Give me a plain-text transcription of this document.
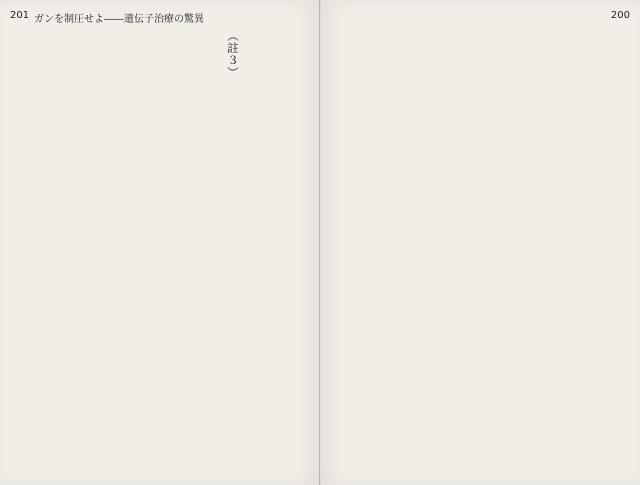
201 ガンを制圧せよ――遺伝子治療の驚異
（註３）
200
